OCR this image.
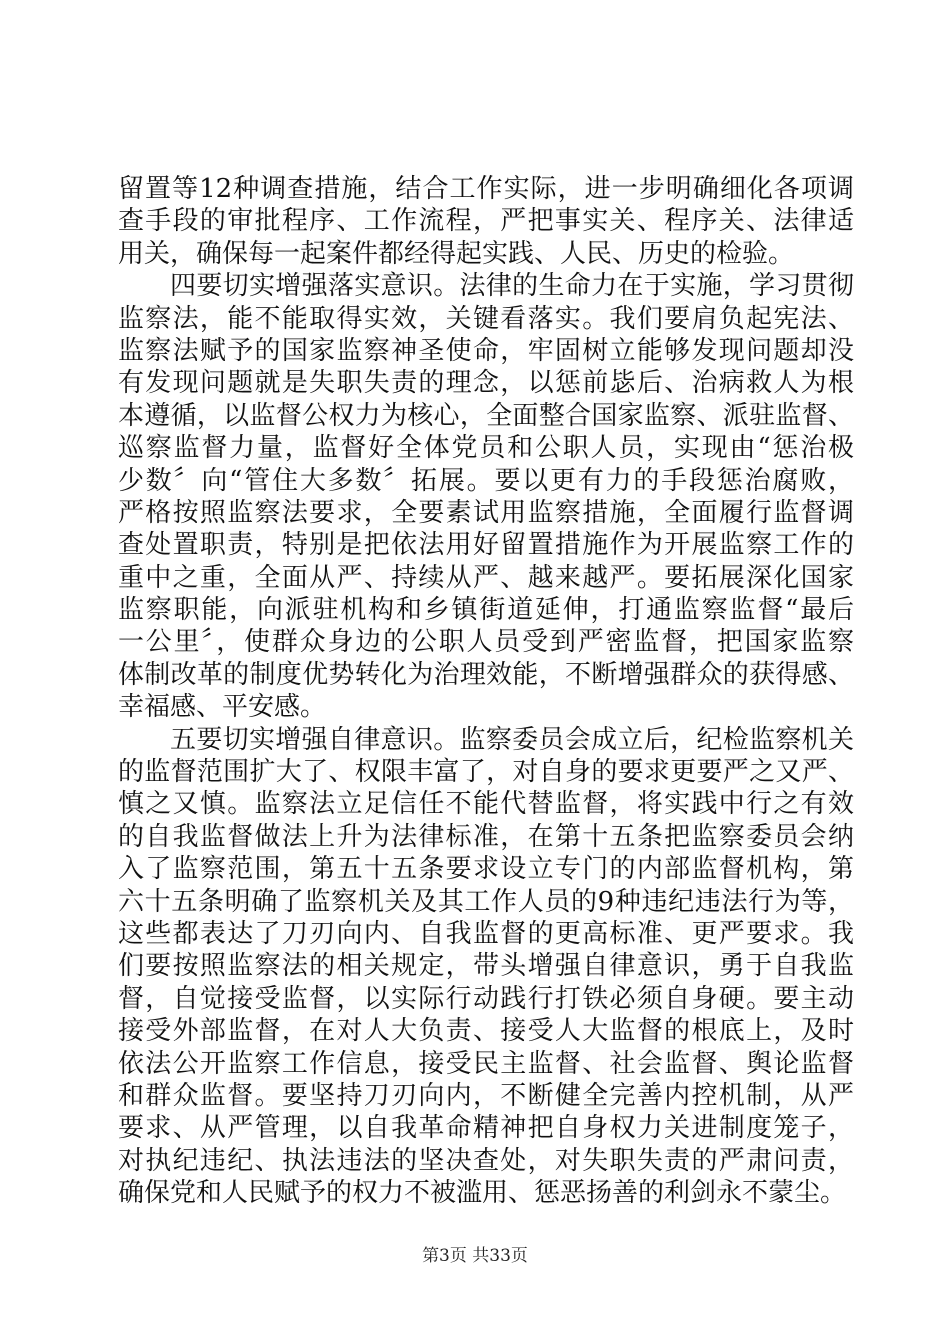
留置等12种调查措施，结合工作实际，进一步明确细化各项调
查手段的审批程序、工作流程，严把事实关、程序关、法律适
用关，确保每一起案件都经得起实践、人民、历史的检验。
四要切实增强落实意识。法律的生命力在于实施，学习贯彻
监察法，能不能取得实效，关键看落实。我们要肩负起宪法、
监察法赋予的国家监察神圣使命，牢固树立能够发现问题却没
有发现问题就是失职失责的理念，以惩前毖后、治病救人为根
本遵循，以监督公权力为核心，全面整合国家监察、派驻监督、
巡察监督力量，监督好全体党员和公职人员，实现由“惩治极
少数〞向“管住大多数〞拓展。要以更有力的手段惩治腐败，
严格按照监察法要求，全要素试用监察措施，全面履行监督调
查处置职责，特别是把依法用好留置措施作为开展监察工作的
重中之重，全面从严、持续从严、越来越严。要拓展深化国家
监察职能，向派驻机构和乡镇街道延伸，打通监察监督“最后
一公里〞，使群众身边的公职人员受到严密监督，把国家监察
体制改革的制度优势转化为治理效能，不断增强群众的获得感、
幸福感、平安感。
五要切实增强自律意识。监察委员会成立后，纪检监察机关
的监督范围扩大了、权限丰富了，对自身的要求更要严之又严、
慎之又慎。监察法立足信任不能代替监督，将实践中行之有效
的自我监督做法上升为法律标准，在第十五条把监察委员会纳
入了监察范围，第五十五条要求设立专门的内部监督机构，第
六十五条明确了监察机关及其工作人员的9种违纪违法行为等，
这些都表达了刀刃向内、自我监督的更高标准、更严要求。我
们要按照监察法的相关规定，带头增强自律意识，勇于自我监
督，自觉接受监督，以实际行动践行打铁必须自身硬。要主动
接受外部监督，在对人大负责、接受人大监督的根底上，及时
依法公开监察工作信息，接受民主监督、社会监督、舆论监督
和群众监督。要坚持刀刃向内，不断健全完善内控机制，从严
要求、从严管理，以自我革命精神把自身权力关进制度笼子，
对执纪违纪、执法违法的坚决查处，对失职失责的严肃问责，
确保党和人民赋予的权力不被滥用、惩恶扬善的利剑永不蒙尘。
第3页 共33页
